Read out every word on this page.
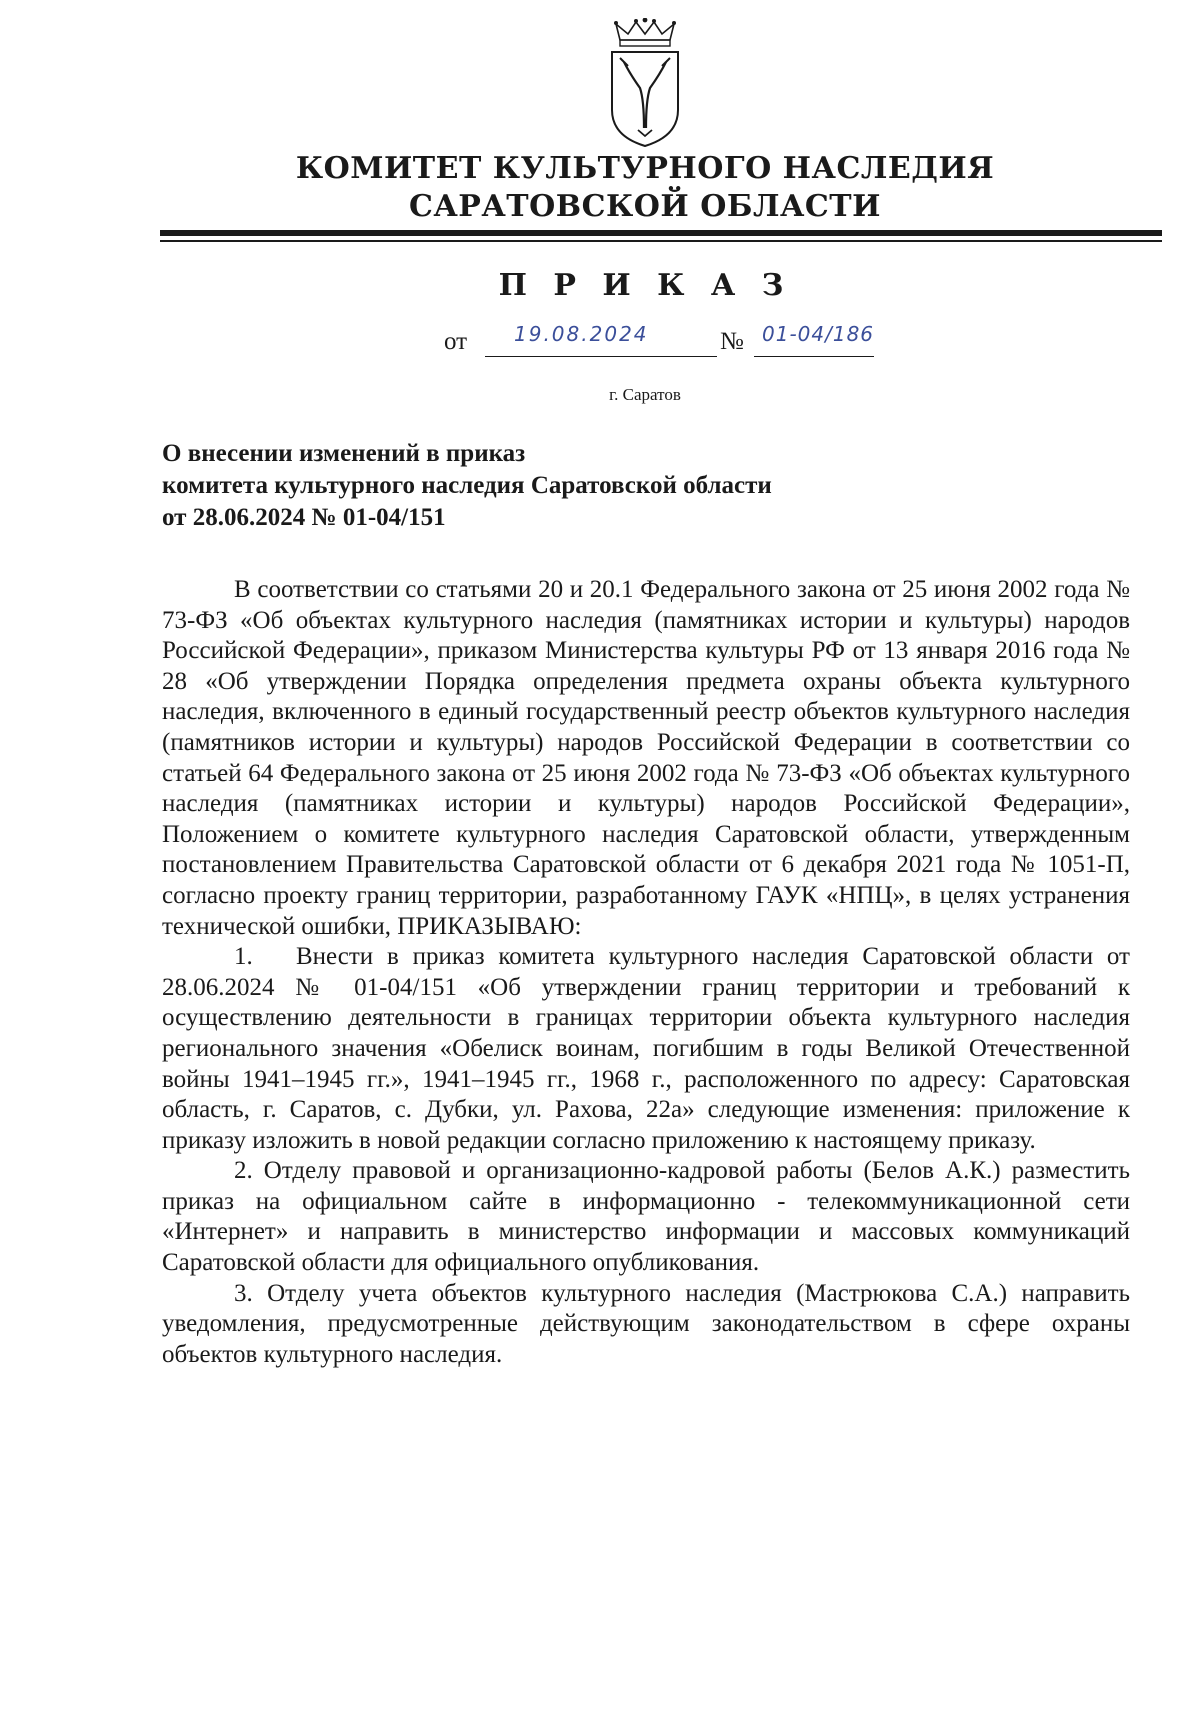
КОМИТЕТ КУЛЬТУРНОГО НАСЛЕДИЯ
САРАТОВСКОЙ ОБЛАСТИ
П Р И К А З
от 19.08.2024	№ 01-04/186
г. Саратов
О внесении изменений в приказ
комитета культурного наследия Саратовской области
от 28.06.2024 № 01-04/151

В соответствии со статьями 20 и 20.1 Федерального закона от 25 июня 2002 года № 73-ФЗ «Об объектах культурного наследия (памятниках истории и культуры) народов Российской Федерации», приказом Министерства культуры РФ от 13 января 2016 года № 28 «Об утверждении Порядка определения предмета охраны объекта культурного наследия, включенного в единый государственный реестр объектов культурного наследия (памятников истории и культуры) народов Российской Федерации в соответствии со статьей 64 Федерального закона от 25 июня 2002 года № 73-ФЗ «Об объектах культурного наследия (памятниках истории и культуры) народов Российской Федерации», Положением о комитете культурного наследия Саратовской области, утвержденным постановлением Правительства Саратовской области от 6 декабря 2021 года № 1051-П, согласно проекту границ территории, разработанному ГАУК «НПЦ», в целях устранения технической ошибки, ПРИКАЗЫВАЮ:

1. Внести в приказ комитета культурного наследия Саратовской области от 28.06.2024 № 01-04/151 «Об утверждении границ территории и требований к осуществлению деятельности в границах территории объекта культурного наследия регионального значения «Обелиск воинам, погибшим в годы Великой Отечественной войны 1941–1945 гг.», 1941–1945 гг., 1968 г., расположенного по адресу: Саратовская область, г. Саратов, с. Дубки, ул. Рахова, 22а» следующие изменения: приложение к приказу изложить в новой редакции согласно приложению к настоящему приказу.

2. Отделу правовой и организационно-кадровой работы (Белов А.К.) разместить приказ на официальном сайте в информационно - телекоммуникационной сети «Интернет» и направить в министерство информации и массовых коммуникаций Саратовской области для официального опубликования.

3. Отделу учета объектов культурного наследия (Мастрюкова С.А.) направить уведомления, предусмотренные действующим законодательством в сфере охраны объектов культурного наследия.
